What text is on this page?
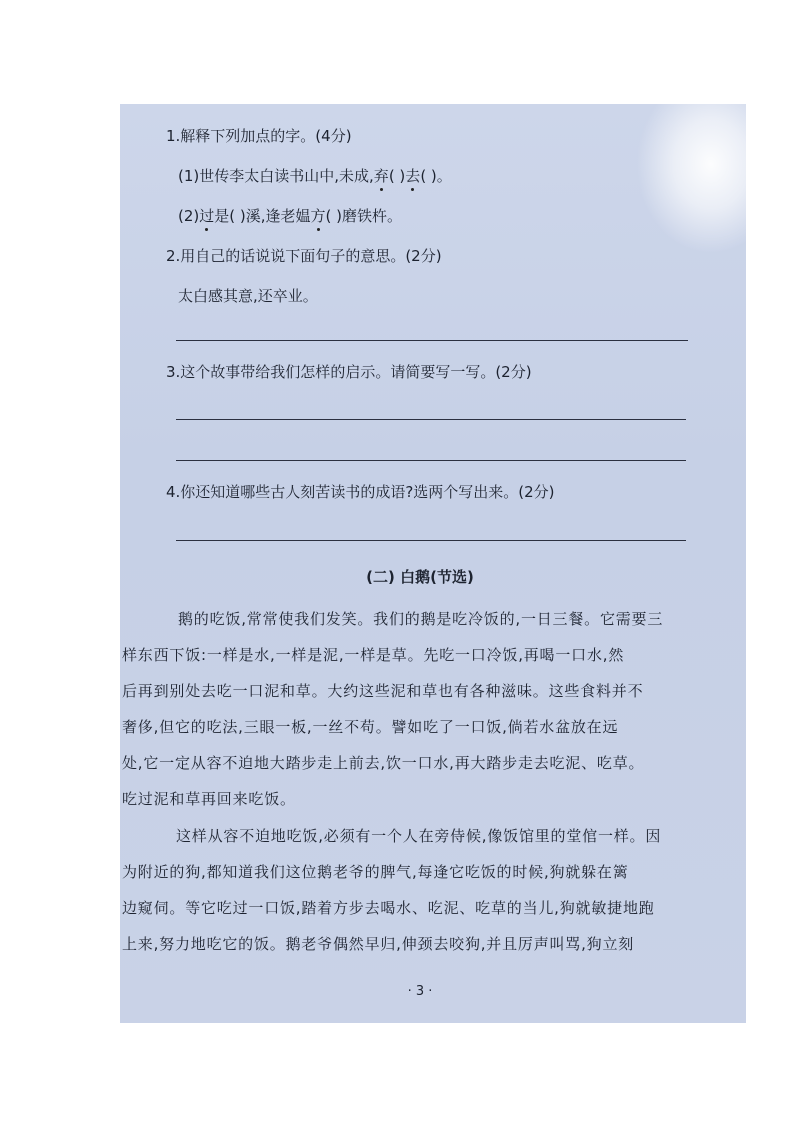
1.解释下列加点的字。(4分)
(1)世传李太白读书山中,未成,弃( )去( )。
(2)过是( )溪,逢老媪方( )磨铁杵。
2.用自己的话说说下面句子的意思。(2分)
太白感其意,还卒业。
3.这个故事带给我们怎样的启示。请简要写一写。(2分)
4.你还知道哪些古人刻苦读书的成语?选两个写出来。(2分)
(二) 白鹅(节选)
鹅的吃饭,常常使我们发笑。我们的鹅是吃冷饭的,一日三餐。它需要三
样东西下饭:一样是水,一样是泥,一样是草。先吃一口冷饭,再喝一口水,然
后再到别处去吃一口泥和草。大约这些泥和草也有各种滋味。这些食料并不
奢侈,但它的吃法,三眼一板,一丝不苟。譬如吃了一口饭,倘若水盆放在远
处,它一定从容不迫地大踏步走上前去,饮一口水,再大踏步走去吃泥、吃草。
吃过泥和草再回来吃饭。
这样从容不迫地吃饭,必须有一个人在旁侍候,像饭馆里的堂倌一样。因
为附近的狗,都知道我们这位鹅老爷的脾气,每逢它吃饭的时候,狗就躲在篱
边窥伺。等它吃过一口饭,踏着方步去喝水、吃泥、吃草的当儿,狗就敏捷地跑
上来,努力地吃它的饭。鹅老爷偶然早归,伸颈去咬狗,并且厉声叫骂,狗立刻
· 3 ·
